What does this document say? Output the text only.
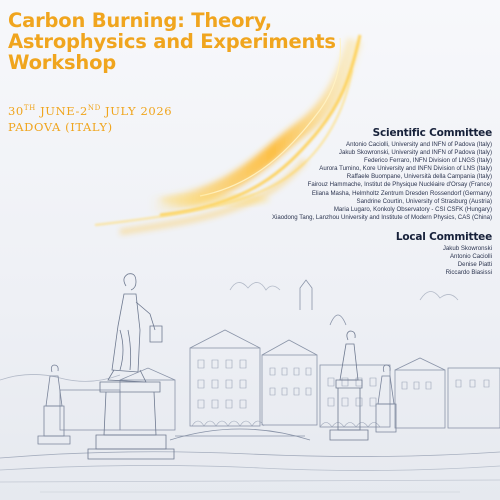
Carbon Burning: Theory,
Astrophysics and Experiments
Workshop
30TH JUNE-2ND JULY 2026
PADOVA (ITALY)	Scientific Committee
Antonio Caciolli, University and INFN of Padova (Italy)
Jakub Skowronski, University and INFN of Padova (Italy)
Federico Ferraro, INFN Division of LNGS (Italy)
Aurora Tumino, Kore University and INFN Division of LNS (Italy)
Raffaele Buompane, Università della Campania (Italy)
Fairouz Hammache, Institut de Physique Nucléaire d'Orsay (France)
Eliana Masha, Helmholtz Zentrum Dresden Rossendorf (Germany)
Sandrine Courtin, University of Strasburg (Austria)
Maria Lugaro, Konkoly Observatory - CSI CSFK (Hungary)
Xiaodong Tang, Lanzhou University and Institute of Modern Physics, CAS (China)
Local Committee
Jakub Skowronski
Antonio Caciolli
Denise Piatti
Riccardo Biasissi
